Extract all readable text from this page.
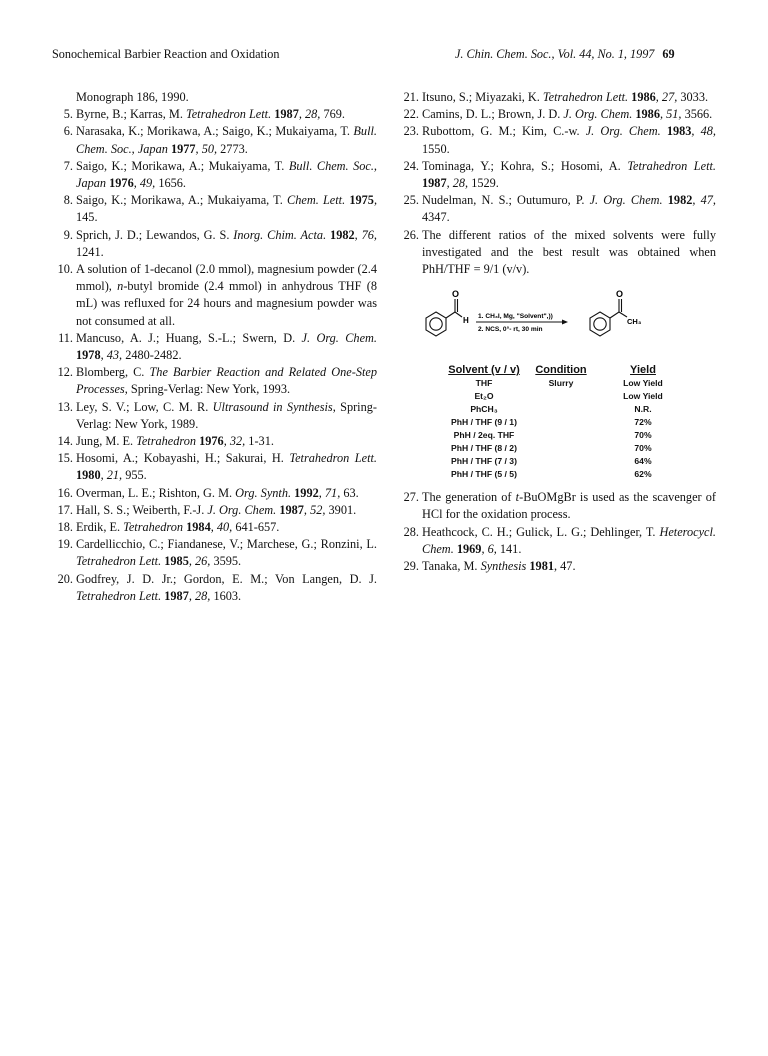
Sonochemical Barbier Reaction and Oxidation	J. Chin. Chem. Soc., Vol. 44, No. 1, 1997 69
Monograph 186, 1990.
5. Byrne, B.; Karras, M. Tetrahedron Lett. 1987, 28, 769.
6. Narasaka, K.; Morikawa, A.; Saigo, K.; Mukaiyama, T. Bull. Chem. Soc., Japan 1977, 50, 2773.
7. Saigo, K.; Morikawa, A.; Mukaiyama, T. Bull. Chem. Soc., Japan 1976, 49, 1656.
8. Saigo, K.; Morikawa, A.; Mukaiyama, T. Chem. Lett. 1975, 145.
9. Sprich, J. D.; Lewandos, G. S. Inorg. Chim. Acta. 1982, 76, 1241.
10. A solution of 1-decanol (2.0 mmol), magnesium powder (2.4 mmol), n-butyl bromide (2.4 mmol) in anhydrous THF (8 mL) was refluxed for 24 hours and magnesium powder was not consumed at all.
11. Mancuso, A. J.; Huang, S.-L.; Swern, D. J. Org. Chem. 1978, 43, 2480-2482.
12. Blomberg, C. The Barbier Reaction and Related One-Step Processes, Spring-Verlag: New York, 1993.
13. Ley, S. V.; Low, C. M. R. Ultrasound in Synthesis, Spring-Verlag: New York, 1989.
14. Jung, M. E. Tetrahedron 1976, 32, 1-31.
15. Hosomi, A.; Kobayashi, H.; Sakurai, H. Tetrahedron Lett. 1980, 21, 955.
16. Overman, L. E.; Rishton, G. M. Org. Synth. 1992, 71, 63.
17. Hall, S. S.; Weiberth, F.-J. J. Org. Chem. 1987, 52, 3901.
18. Erdik, E. Tetrahedron 1984, 40, 641-657.
19. Cardellicchio, C.; Fiandanese, V.; Marchese, G.; Ronzini, L. Tetrahedron Lett. 1985, 26, 3595.
20. Godfrey, J. D. Jr.; Gordon, E. M.; Von Langen, D. J. Tetrahedron Lett. 1987, 28, 1603.
21. Itsuno, S.; Miyazaki, K. Tetrahedron Lett. 1986, 27, 3033.
22. Camins, D. L.; Brown, J. D. J. Org. Chem. 1986, 51, 3566.
23. Rubottom, G. M.; Kim, C.-w. J. Org. Chem. 1983, 48, 1550.
24. Tominaga, Y.; Kohra, S.; Hosomi, A. Tetrahedron Lett. 1987, 28, 1529.
25. Nudelman, N. S.; Outumuro, P. J. Org. Chem. 1982, 47, 4347.
26. The different ratios of the mixed solvents were fully investigated and the best result was obtained when PhH/THF = 9/1 (v/v).
O
H 1. CH₃I, Mg, "Solvent",))
2. NCS, 0°- rt, 30 min
O
CH₃
Solvent (v / v)	Condition	Yield
THF	Slurry	Low Yield
Et₂O		Low Yield
PhCH₃		N.R.
PhH / THF (9 / 1)		72%
PhH / 2eq. THF		70%
PhH / THF (8 / 2)		70%
PhH / THF (7 / 3)		64%
PhH / THF (5 / 5)		62%
27. The generation of t-BuOMgBr is used as the scavenger of HCl for the oxidation process.
28. Heathcock, C. H.; Gulick, L. G.; Dehlinger, T. Heterocycl. Chem. 1969, 6, 141.
29. Tanaka, M. Synthesis 1981, 47.
